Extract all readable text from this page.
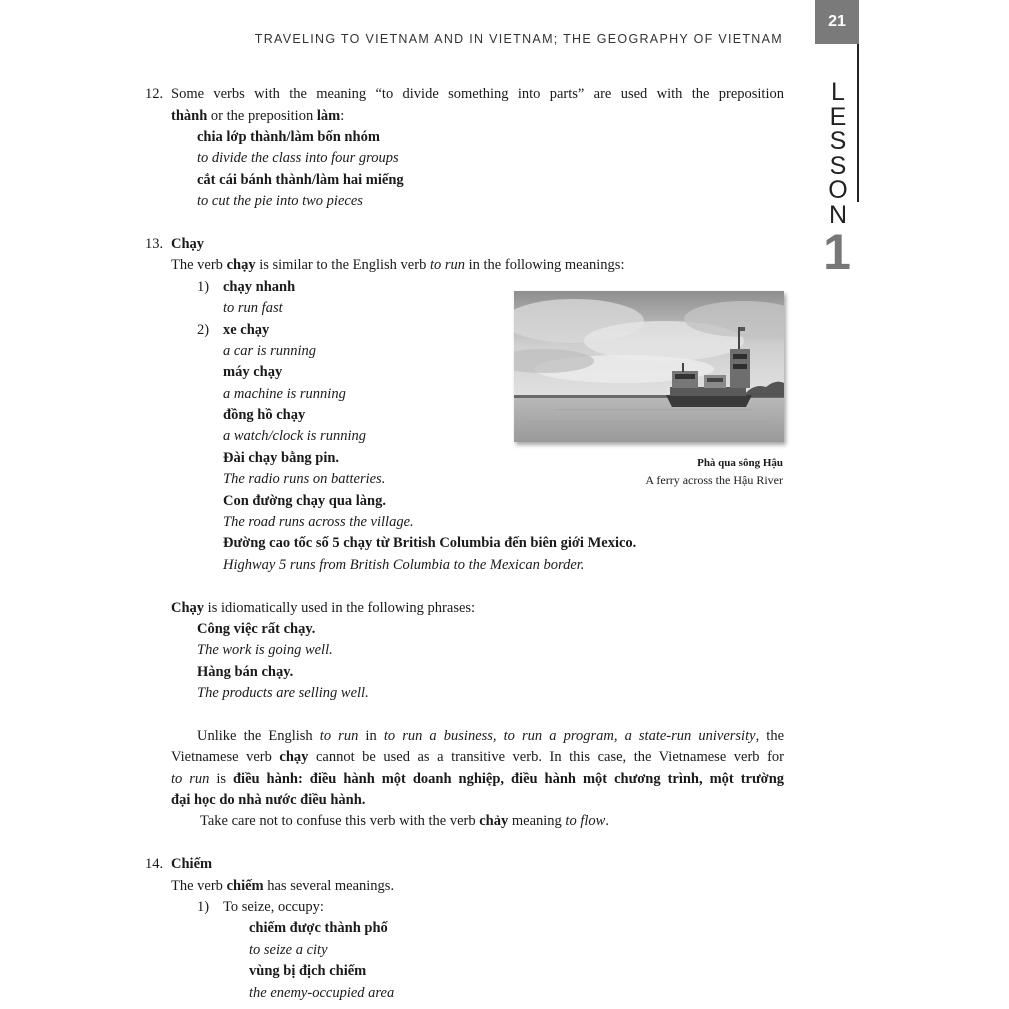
TRAVELING TO VIETNAM AND IN VIETNAM; THE GEOGRAPHY OF VIETNAM
21
L
E
S
S
O
N
1
12. Some verbs with the meaning “to divide something into parts” are used with the preposition
thành or the preposition làm:
chia lớp thành/làm bốn nhóm
to divide the class into four groups
cắt cái bánh thành/làm hai miếng
to cut the pie into two pieces
13. Chạy
The verb chạy is similar to the English verb to run in the following meanings:
1) chạy nhanh
to run fast
2) xe chạy
a car is running
máy chạy
a machine is running
đồng hồ chạy
a watch/clock is running
Đài chạy bằng pin.
The radio runs on batteries.
Con đường chạy qua làng.
The road runs across the village.
Đường cao tốc số 5 chạy từ British Columbia đến biên giới Mexico.
Highway 5 runs from British Columbia to the Mexican border.
Phà qua sông Hậu
A ferry across the Hậu River
Chạy is idiomatically used in the following phrases:
Công việc rất chạy.
The work is going well.
Hàng bán chạy.
The products are selling well.
Unlike the English to run in to run a business, to run a program, a state-run university, the
Vietnamese verb chạy cannot be used as a transitive verb. In this case, the Vietnamese verb for
to run is điều hành: điều hành một doanh nghiệp, điều hành một chương trình, một trường
đại học do nhà nước điều hành.
Take care not to confuse this verb with the verb chảy meaning to flow.
14. Chiếm
The verb chiếm has several meanings.
1) To seize, occupy:
chiếm được thành phố
to seize a city
vùng bị địch chiếm
the enemy-occupied area
